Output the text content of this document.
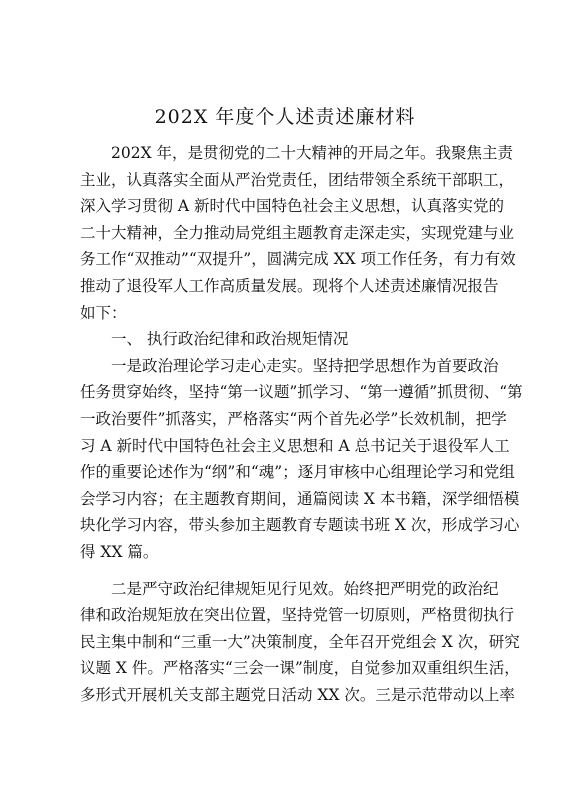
202X 年度个人述责述廉材料
202X 年，是贯彻党的二十大精神的开局之年。我聚焦主责
主业，认真落实全面从严治党责任，团结带领全系统干部职工，
深入学习贯彻 A 新时代中国特色社会主义思想，认真落实党的
二十大精神，全力推动局党组主题教育走深走实，实现党建与业
务工作“双推动”“双提升”，圆满完成 XX 项工作任务，有力有效
推动了退役军人工作高质量发展。现将个人述责述廉情况报告
如下：
一、 执行政治纪律和政治规矩情况
一是政治理论学习走心走实。坚持把学思想作为首要政治
任务贯穿始终，坚持“第一议题”抓学习、“第一遵循”抓贯彻、“第
一政治要件”抓落实，严格落实“两个首先必学”长效机制，把学
习 A 新时代中国特色社会主义思想和 A 总书记关于退役军人工
作的重要论述作为“纲”和“魂”；逐月审核中心组理论学习和党组
会学习内容；在主题教育期间，通篇阅读 X 本书籍，深学细悟模
块化学习内容，带头参加主题教育专题读书班 X 次，形成学习心
得 XX 篇。
二是严守政治纪律规矩见行见效。始终把严明党的政治纪
律和政治规矩放在突出位置，坚持党管一切原则，严格贯彻执行
民主集中制和“三重一大”决策制度，全年召开党组会 X 次，研究
议题 X 件。严格落实“三会一课”制度，自觉参加双重组织生活，
多形式开展机关支部主题党日活动 XX 次。三是示范带动以上率
